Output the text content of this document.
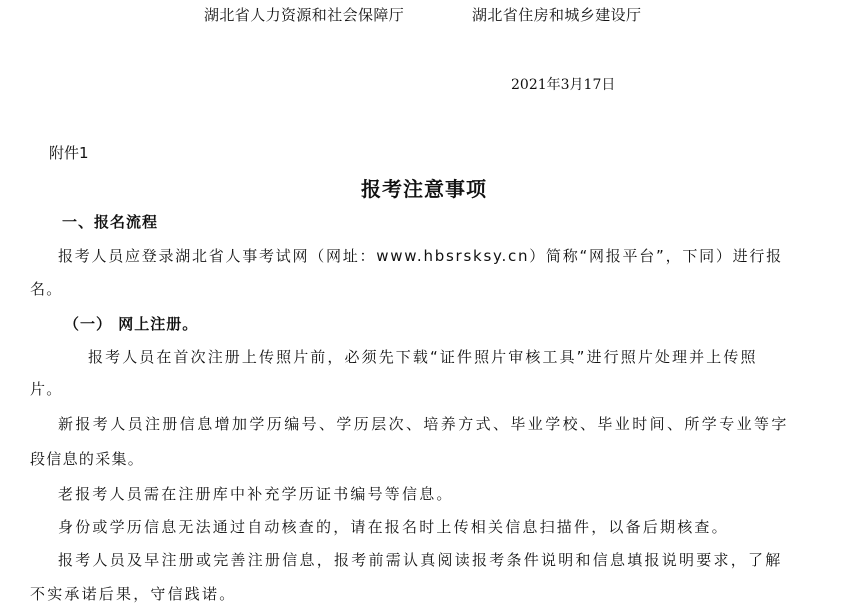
湖北省人力资源和社会保障厅	湖北省住房和城乡建设厅
2021年3月17日
附件1
报考注意事项
一、报名流程
报考人员应登录湖北省人事考试网（网址：www.hbsrsksy.cn）简称“网报平台”，下同）进行报
名。
（一） 网上注册。
报考人员在首次注册上传照片前，必须先下载“证件照片审核工具”进行照片处理并上传照
片。
新报考人员注册信息增加学历编号、学历层次、培养方式、毕业学校、毕业时间、所学专业等字
段信息的采集。
老报考人员需在注册库中补充学历证书编号等信息。
身份或学历信息无法通过自动核查的，请在报名时上传相关信息扫描件，以备后期核查。
报考人员及早注册或完善注册信息，报考前需认真阅读报考条件说明和信息填报说明要求，了解
不实承诺后果，守信践诺。
